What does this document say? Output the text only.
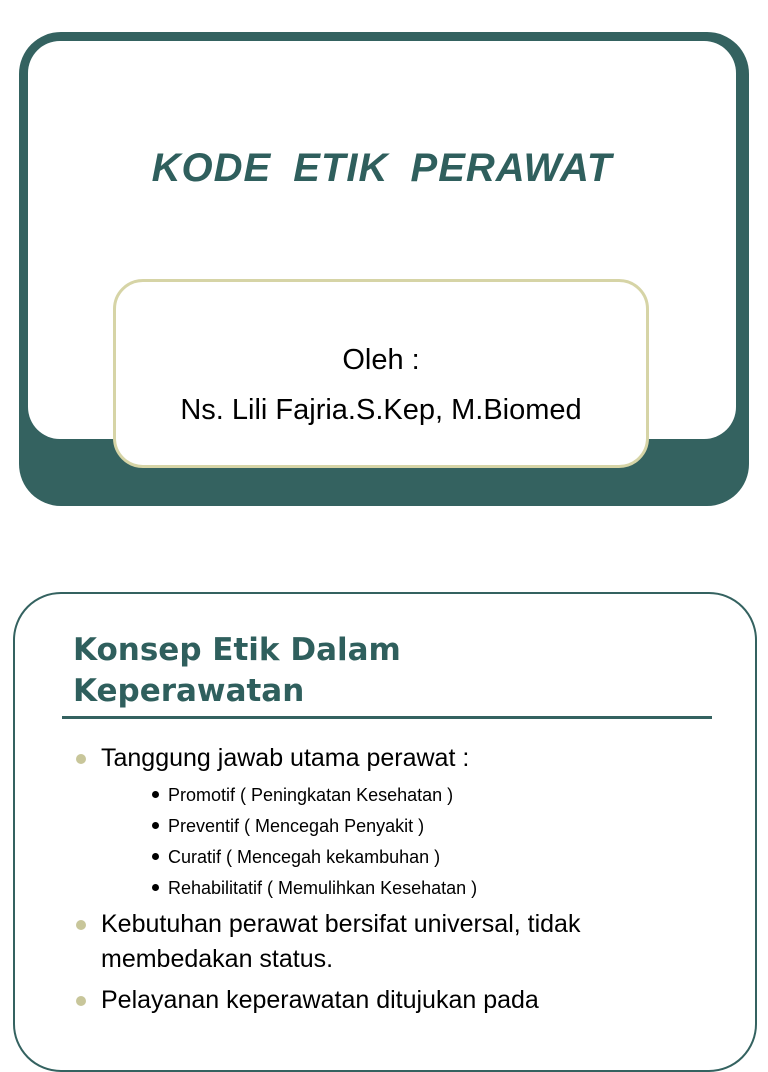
KODE ETIK PERAWAT
Oleh :
Ns. Lili Fajria.S.Kep, M.Biomed
Konsep Etik Dalam
Keperawatan

Tanggung jawab utama perawat :

Promotif ( Peningkatan Kesehatan )

Preventif ( Mencegah Penyakit )

Curatif ( Mencegah kekambuhan )

Rehabilitatif ( Memulihkan Kesehatan )

Kebutuhan perawat bersifat universal, tidak
membedakan status.

Pelayanan keperawatan ditujukan pada
